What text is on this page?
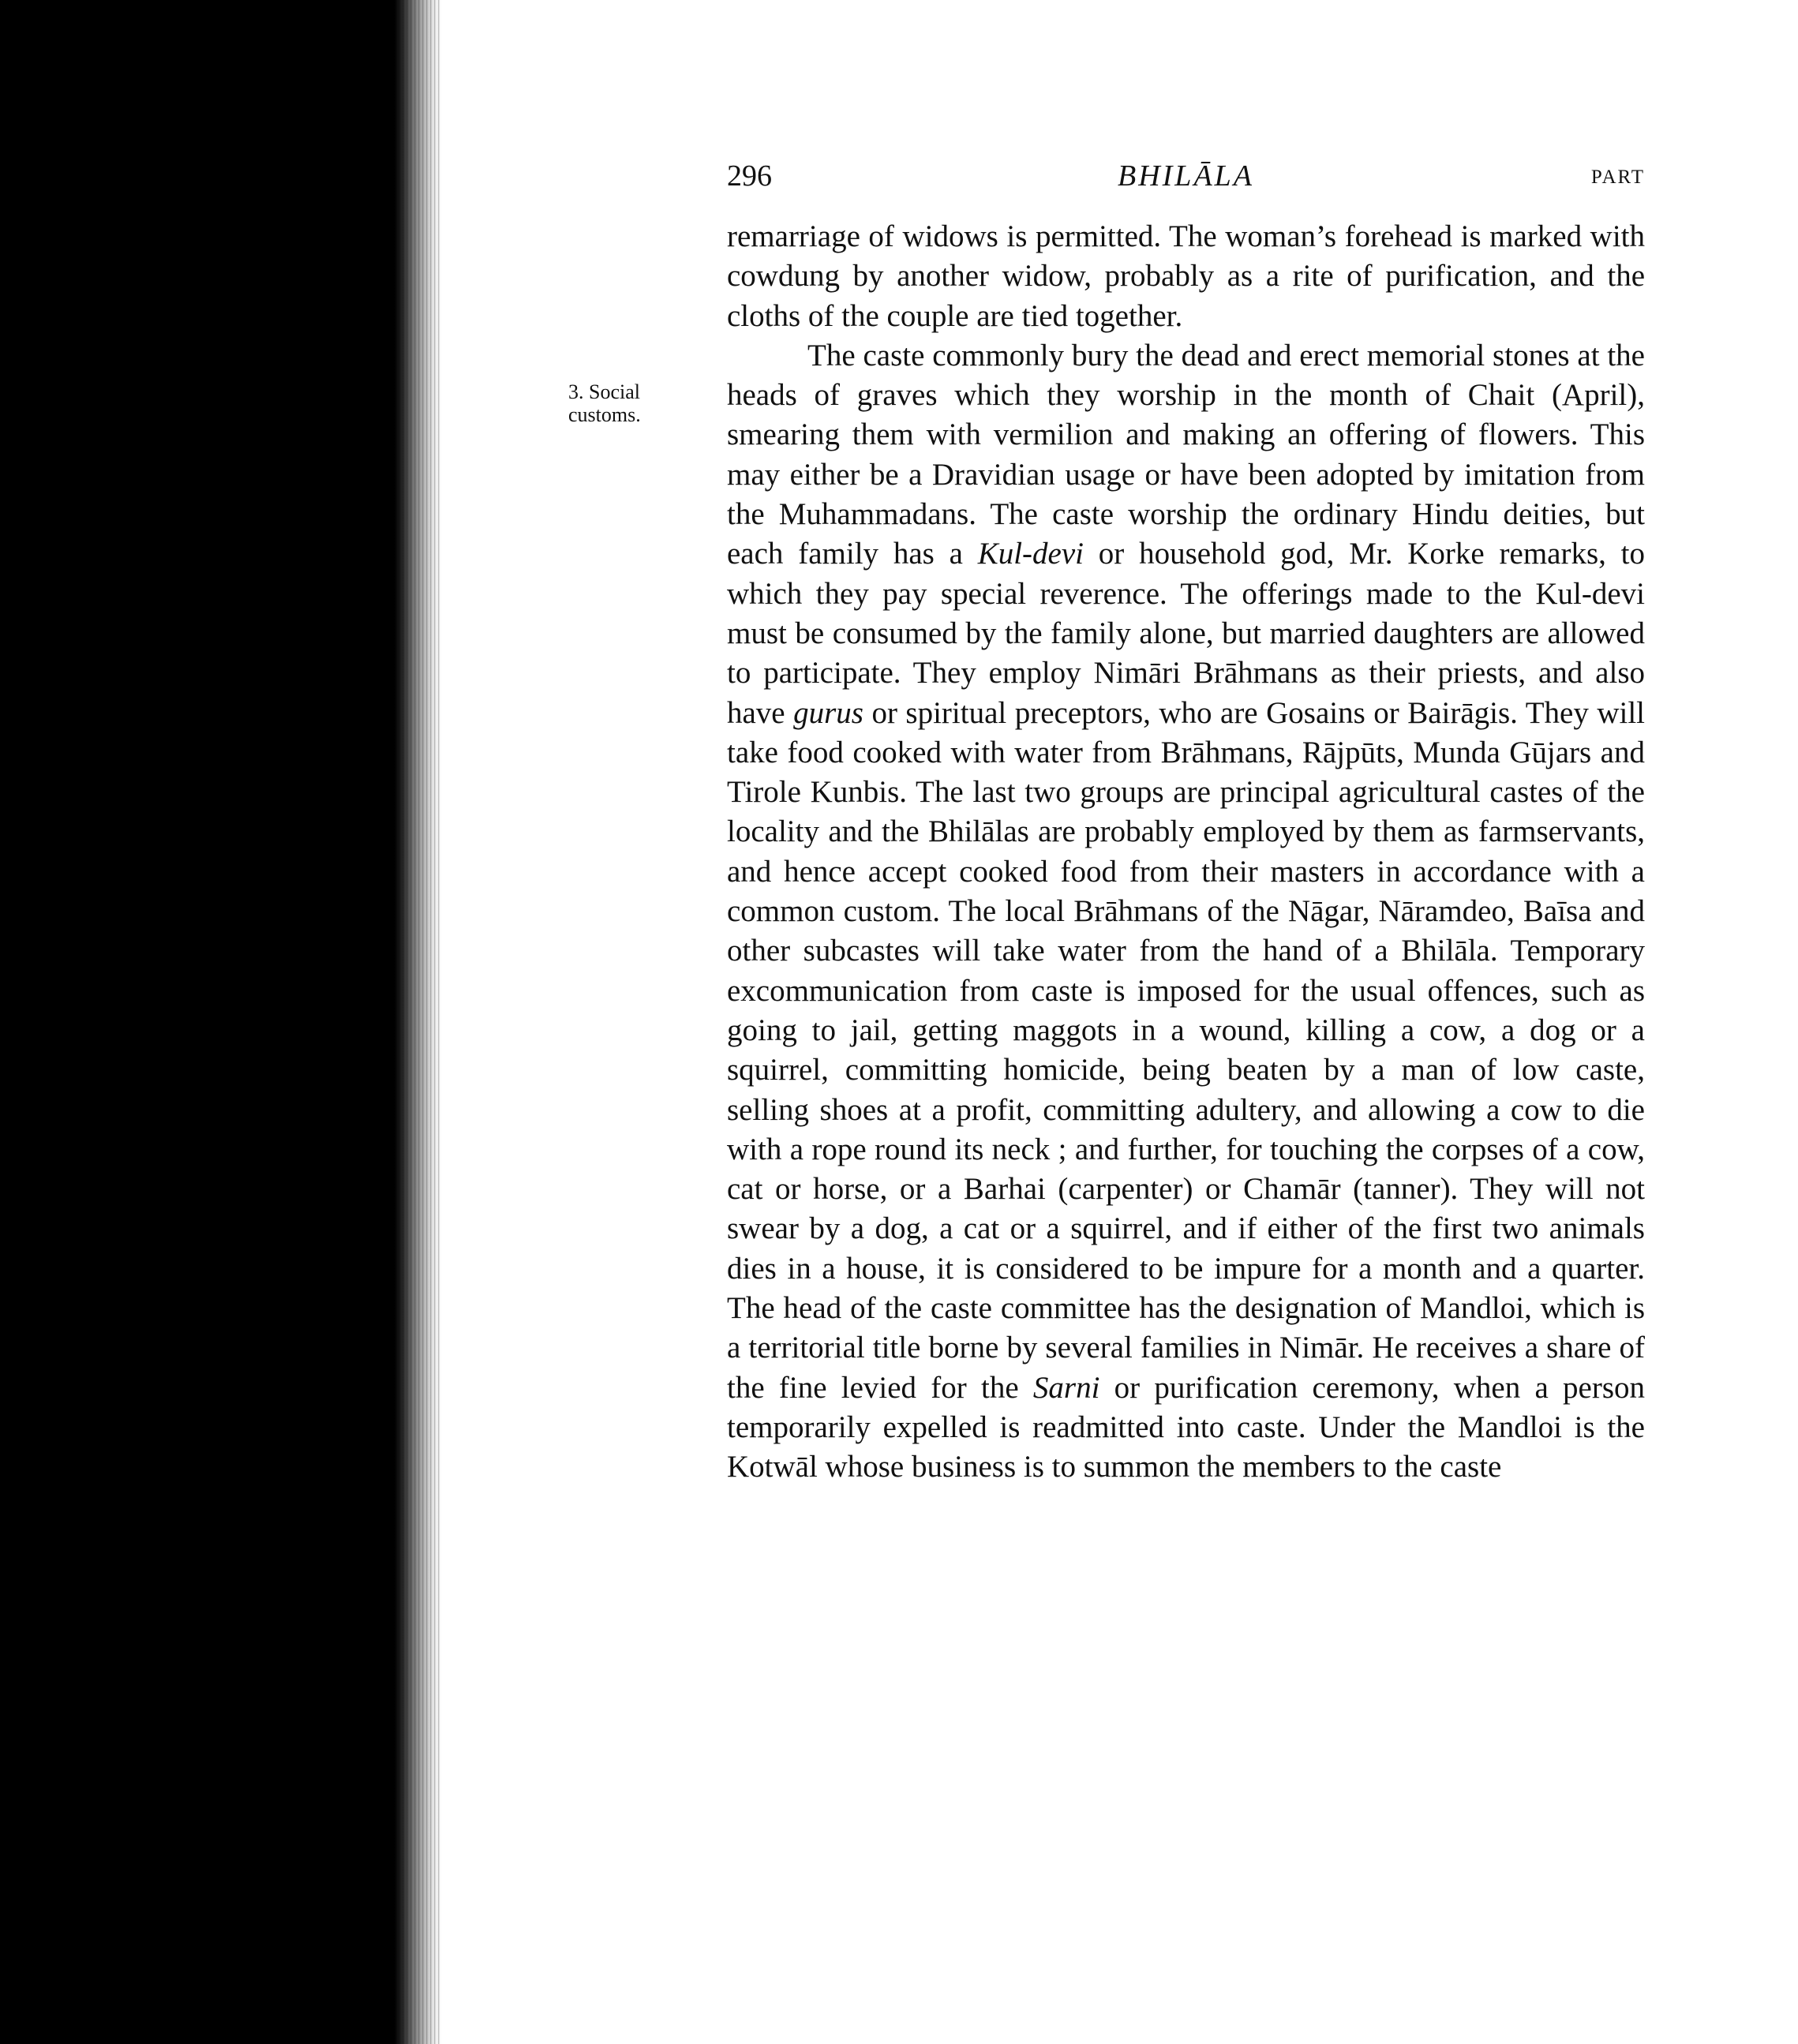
296	BHILĀLA	PART
3. Social
customs.

remarriage of widows is permitted. The woman’s forehead is marked with cowdung by another widow, probably as a rite of purification, and the cloths of the couple are tied together.

The caste commonly bury the dead and erect memorial stones at the heads of graves which they worship in the month of Chait (April), smearing them with vermilion and making an offering of flowers. This may either be a Dravidian usage or have been adopted by imitation from the Muhammadans. The caste worship the ordinary Hindu deities, but each family has a Kul-devi or household god, Mr. Korke remarks, to which they pay special reverence. The offerings made to the Kul-devi must be consumed by the family alone, but married daughters are allowed to participate. They employ Nimāri Brāhmans as their priests, and also have gurus or spiritual preceptors, who are Gosains or Bairāgis. They will take food cooked with water from Brāhmans, Rājpūts, Munda Gūjars and Tirole Kunbis. The last two groups are principal agricultural castes of the locality and the Bhilālas are probably employed by them as farmservants, and hence accept cooked food from their masters in accordance with a common custom. The local Brāhmans of the Nāgar, Nāramdeo, Baīsa and other subcastes will take water from the hand of a Bhilāla. Temporary excommunication from caste is imposed for the usual offences, such as going to jail, getting maggots in a wound, killing a cow, a dog or a squirrel, committing homicide, being beaten by a man of low caste, selling shoes at a profit, committing adultery, and allowing a cow to die with a rope round its neck ; and further, for touching the corpses of a cow, cat or horse, or a Barhai (carpenter) or Chamār (tanner). They will not swear by a dog, a cat or a squirrel, and if either of the first two animals dies in a house, it is considered to be impure for a month and a quarter. The head of the caste committee has the designation of Mandloi, which is a territorial title borne by several families in Nimār. He receives a share of the fine levied for the Sarni or purification ceremony, when a person temporarily expelled is readmitted into caste. Under the Mandloi is the Kotwāl whose business is to summon the members to the caste
